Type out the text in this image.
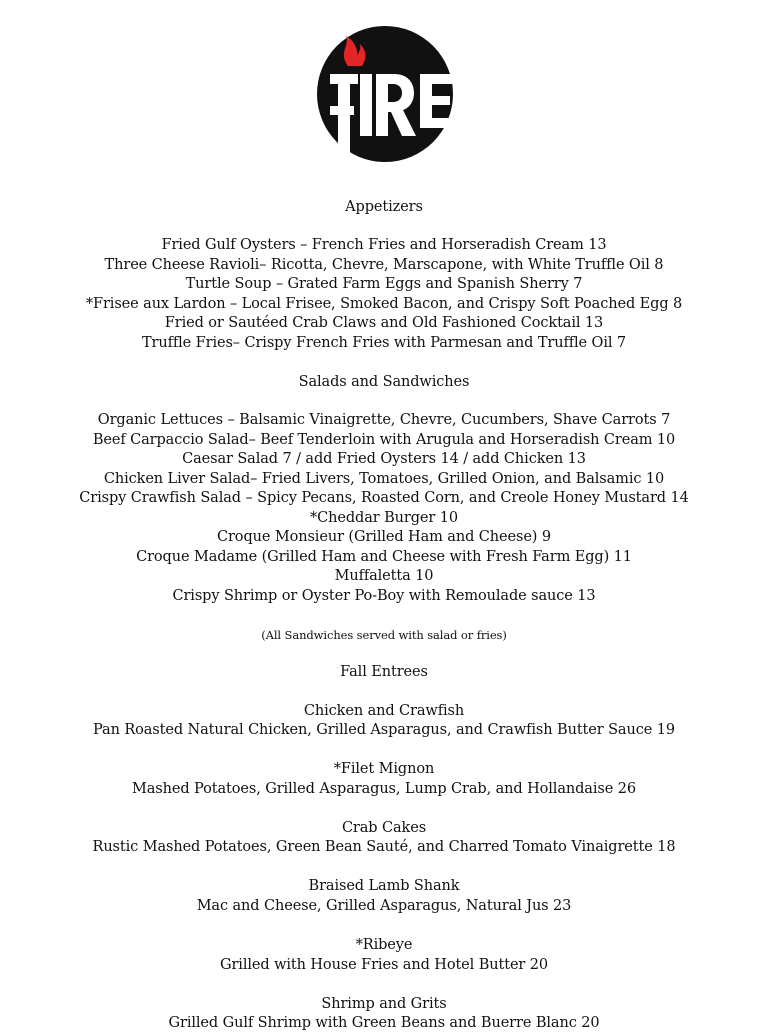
Appetizers
Fried Gulf Oysters – French Fries and Horseradish Cream 13
Three Cheese Ravioli– Ricotta, Chevre, Marscapone, with White Truffle Oil 8
Turtle Soup – Grated Farm Eggs and Spanish Sherry 7
*Frisee aux Lardon – Local Frisee, Smoked Bacon, and Crispy Soft Poached Egg 8
Fried or Sautéed Crab Claws and Old Fashioned Cocktail 13
Truffle Fries– Crispy French Fries with Parmesan and Truffle Oil 7
Salads and Sandwiches
Organic Lettuces – Balsamic Vinaigrette, Chevre, Cucumbers, Shave Carrots 7
Beef Carpaccio Salad– Beef Tenderloin with Arugula and Horseradish Cream 10
Caesar Salad 7 / add Fried Oysters 14 / add Chicken 13
Chicken Liver Salad– Fried Livers, Tomatoes, Grilled Onion, and Balsamic 10
Crispy Crawfish Salad – Spicy Pecans, Roasted Corn, and Creole Honey Mustard 14
*Cheddar Burger 10
Croque Monsieur (Grilled Ham and Cheese) 9
Croque Madame (Grilled Ham and Cheese with Fresh Farm Egg) 11
Muffaletta 10
Crispy Shrimp or Oyster Po-Boy with Remoulade sauce 13
(All Sandwiches served with salad or fries)
Fall Entrees
Chicken and Crawfish
Pan Roasted Natural Chicken, Grilled Asparagus, and Crawfish Butter Sauce 19
*Filet Mignon
Mashed Potatoes, Grilled Asparagus, Lump Crab, and Hollandaise 26
Crab Cakes
Rustic Mashed Potatoes, Green Bean Sauté, and Charred Tomato Vinaigrette 18
Braised Lamb Shank
Mac and Cheese, Grilled Asparagus, Natural Jus 23
*Ribeye
Grilled with House Fries and Hotel Butter 20
Shrimp and Grits
Grilled Gulf Shrimp with Green Beans and Buerre Blanc 20
